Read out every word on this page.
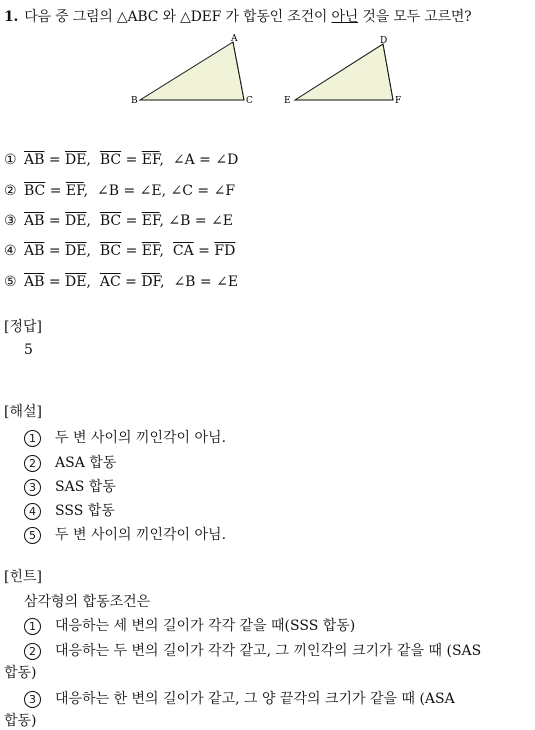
1. 다음 중 그림의 △ABC 와 △DEF 가 합동인 조건이 아닌 것을 모두 고르면?
A
B	C
D
E	F
① $\overline{AB} = \overline{DE}$,  $\overline{BC} = \overline{EF}$,  ∠A = ∠D
② $\overline{BC} = \overline{EF}$,  ∠B = ∠E, ∠C = ∠F
③ $\overline{AB} = \overline{DE}$,  $\overline{BC} = \overline{EF}$, ∠B = ∠E
④ $\overline{AB} = \overline{DE}$,  $\overline{BC} = \overline{EF}$,  $\overline{CA} = \overline{FD}$
⑤ $\overline{AB} = \overline{DE}$,  $\overline{AC} = \overline{DF}$,  ∠B = ∠E
[정답]
5
[해설]
1 두 변 사이의 끼인각이 아님.
2 ASA 합동
3 SAS 합동
4 SSS 합동
5 두 변 사이의 끼인각이 아님.
[힌트]
삼각형의 합동조건은
1 대응하는 세 변의 길이가 각각 같을 때(SSS 합동)
2 대응하는 두 변의 길이가 각각 같고, 그 끼인각의 크기가 같을 때 (SAS
합동)
3 대응하는 한 변의 길이가 같고, 그 양 끝각의 크기가 같을 때 (ASA
합동)
